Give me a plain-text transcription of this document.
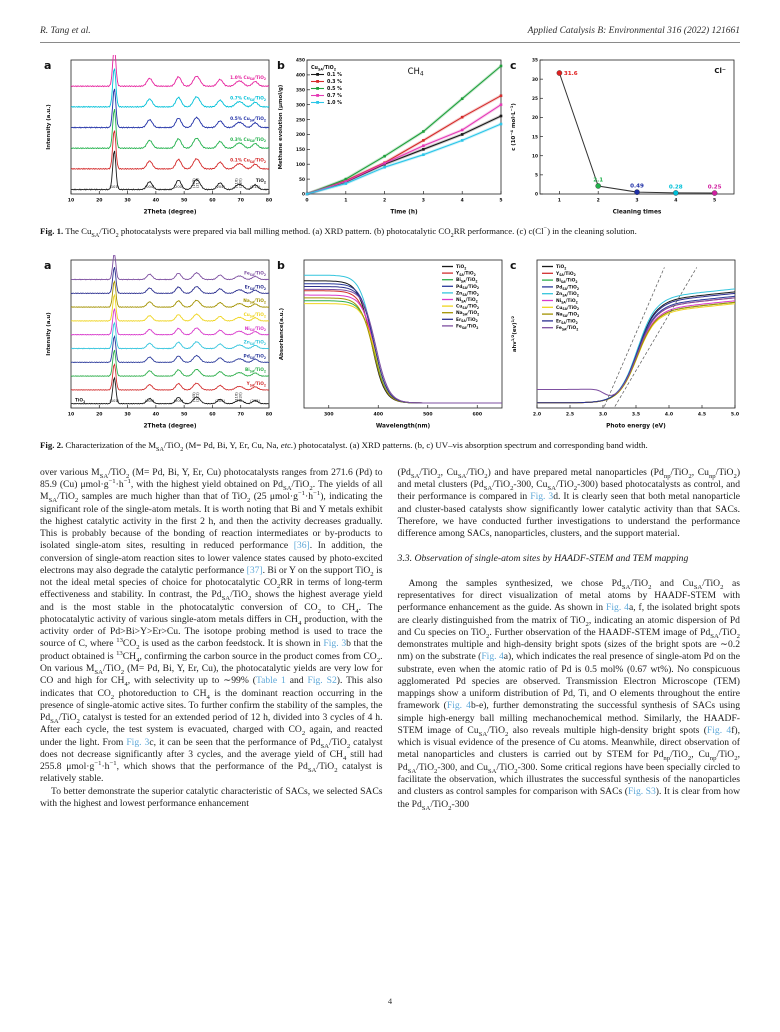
R. Tang et al.	Applied Catalysis B: Environmental 316 (2022) 121661
10	20	30	40	50	60	70	80
2Theta (degree)
Intensity (a.u.)
a
TiO$_2$
0.1% $Cu_{SA}/TiO_2$
0.3% $Cu_{SA}/TiO_2$
0.5% $Cu_{SA}/TiO_2$
0.7% $Cu_{SA}/TiO_2$
1.0% $Cu_{SA}/TiO_2$
(101)	(004)	(200) (105) (211)	(204)	(116) (220) (215)
0	1	2	3	4	5
Time (h)
0
50
100
150
200
250
300
350
400
450
Methane evolution (μmol/g)
b	CH4
$Cu_{SA}/TiO_2$
0.1 %
0.3 %
0.5 %
0.7 %
1.0 %
1	2	3	4	5
Cleaning times
0
5
10
15
20
25
30
35
c ($10^{-4}$ $mol\cdot L^{-1}$)
c
31.6
2.1
0.49	0.28	0.25
Cl−
Fig. 1. The $Cu_{SA}/TiO_2$ photocatalysts were prepared via ball milling method. (a) XRD pattern. (b) photocatalytic $CO_2RR$ performance. (c) c(Cl−) in the cleaning solution.
10	20	30	40	50	60	70	80
2Theta (degree)
Intensity (a.u)
a
TiO$_2$
$Y_{SA}/TiO_2$
$Bi_{SA}/TiO_2$
$Pd_{SA}/TiO_2$
$Zn_{SA}/TiO_2$
$Ni_{SA}/TiO_2$
$Cu_{SA}/TiO_2$
$Na_{SA}/TiO_2$
$Er_{SA}/TiO_2$
$Fe_{SA}/TiO_2$
(101)	(004)	(200) (105) (211)	(204)	(116) (220) (215)
300	400	500	600
Wavelength(nm)
Absorbance(a.u.)
b	TiO$_2$
$Y_{SA}/TiO_2$
$Bi_{SA}/TiO_2$
$Pd_{SA}/TiO_2$
$Zn_{SA}/TiO_2$
$Ni_{SA}/TiO_2$
$Cu_{SA}/TiO_2$
$Na_{SA}/TiO_2$
$Er_{SA}/TiO_2$
$Fe_{SA}/TiO_2$
2.0	2.5	3.0	3.5	4.0	4.5	5.0
Photo energy (eV)
ahv$^{1/2}$(ev)$^{1/2}$
c	TiO$_2$
$Y_{SA}/TiO_2$
$Bi_{SA}/TiO_2$
$Pd_{SA}/TiO_2$
$Zn_{SA}/TiO_2$
$Ni_{SA}/TiO_2$
$Cu_{SA}/TiO_2$
$Na_{SA}/TiO_2$
$Er_{SA}/TiO_2$
$Fe_{SA}/TiO_2$
Fig. 2. Characterization of the $M_{SA}/TiO_2$ (M= Pd, Bi, Y, Er, Cu, Na, etc.) photocatalyst. (a) XRD patterns. (b, c) UV–vis absorption spectrum and corresponding band width.

over various $M_{SA}/TiO_2$ (M= Pd, Bi, Y, Er, Cu) photocatalysts ranges from 271.6 (Pd) to 85.9 (Cu) $\mu mol\cdot g^{-1}\cdot h^{-1}$, with the highest yield obtained on $Pd_{SA}/TiO_2$. The yields of all $M_{SA}/TiO_2$ samples are much higher than that of TiO$_2$ (25 $\mu mol\cdot g^{-1}\cdot h^{-1}$), indicating the significant role of the single-atom metals. It is worth noting that Bi and Y metals exhibit the highest catalytic activity in the first 2 h, and then the activity decreases gradually. This is probably because of the bonding of reaction intermediates or by-products to isolated single-atom sites, resulting in reduced performance [36]. In addition, the conversion of single-atom reaction sites to lower valence states caused by photo-excited electrons may also degrade the catalytic performance [37]. Bi or Y on the support TiO$_2$ is not the ideal metal species of choice for photocatalytic $CO_2RR$ in terms of long-term effectiveness and stability. In contrast, the $Pd_{SA}/TiO_2$ shows the highest average yield and is the most stable in the photocatalytic conversion of $CO_2$ to $CH_4$. The photocatalytic activity of various single-atom metals differs in $CH_4$ production, with the activity order of Pd>Bi>Y>Er>Cu. The isotope probing method is used to trace the source of C, where $^{13}CO_2$ is used as the carbon feedstock. It is shown in Fig. 3b that the product obtained is $^{13}CH_4$, confirming the carbon source in the product comes from $CO_2$. On various $M_{SA}/TiO_2$ (M= Pd, Bi, Y, Er, Cu), the photocatalytic yields are very low for CO and high for $CH_4$, with selectivity up to ∼99% (Table 1 and Fig. S2). This also indicates that $CO_2$ photoreduction to $CH_4$ is the dominant reaction occurring in the presence of single-atomic active sites. To further confirm the stability of the samples, the $Pd_{SA}/TiO_2$ catalyst is tested for an extended period of 12 h, divided into 3 cycles of 4 h. After each cycle, the test system is evacuated, charged with $CO_2$ again, and reacted under the light. From Fig. 3c, it can be seen that the performance of $Pd_{SA}/TiO_2$ catalyst does not decrease significantly after 3 cycles, and the average yield of $CH_4$ still had 255.8 $\mu mol\cdot g^{-1}\cdot h^{-1}$, which shows that the performance of the $Pd_{SA}/TiO_2$ catalyst is relatively stable.

To better demonstrate the superior catalytic characteristic of SACs, we selected SACs with the highest and lowest performance enhancement

($Pd_{SA}/TiO_2$, $Cu_{SA}/TiO_2$) and have prepared metal nanoparticles ($Pd_{np}/TiO_2$, $Cu_{np}/TiO_2$) and metal clusters ($Pd_{SA}/TiO_2-300$, $Cu_{SA}/TiO_2-300$) based photocatalysts as control, and their performance is compared in Fig. 3d. It is clearly seen that both metal nanoparticle and cluster-based catalysts show significantly lower catalytic activity than that SACs. Therefore, we have conducted further investigations to understand the performance difference among SACs, nanoparticles, clusters, and the support material.

3.3. Observation of single-atom sites by HAADF-STEM and TEM mapping

Among the samples synthesized, we chose $Pd_{SA}/TiO_2$ and $Cu_{SA}/TiO_2$ as representatives for direct visualization of metal atoms by HAADF-STEM with performance enhancement as the guide. As shown in Fig. 4a, f, the isolated bright spots are clearly distinguished from the matrix of TiO$_2$, indicating an atomic dispersion of Pd and Cu species on TiO$_2$. Further observation of the HAADF-STEM image of $Pd_{SA}/TiO_2$ demonstrates multiple and high-density bright spots (sizes of the bright spots are ∼0.2 nm) on the substrate (Fig. 4a), which indicates the real presence of single-atom Pd on the substrate, even when the atomic ratio of Pd is 0.5 mol% (0.67 wt%). No conspicuous agglomerated Pd species are observed. Transmission Electron Microscope (TEM) mappings show a uniform distribution of Pd, Ti, and O elements throughout the entire framework (Fig. 4b-e), further demonstrating the successful synthesis of SACs using simple high-energy ball milling mechanochemical method. Similarly, the HAADF-STEM image of $Cu_{SA}/TiO_2$ also reveals multiple high-density bright spots (Fig. 4f), which is visual evidence of the presence of Cu atoms. Meanwhile, direct observation of metal nanoparticles and clusters is carried out by STEM for $Pd_{np}/TiO_2$, $Cu_{np}/TiO_2$, $Pd_{SA}/TiO_2-300$, and $Cu_{SA}/TiO_2-300$. Some critical regions have been specially circled to facilitate the observation, which illustrates the successful synthesis of the nanoparticles and clusters as control samples for comparison with SACs (Fig. S3). It is clear from how the $Pd_{SA}/TiO_2-300$

4
